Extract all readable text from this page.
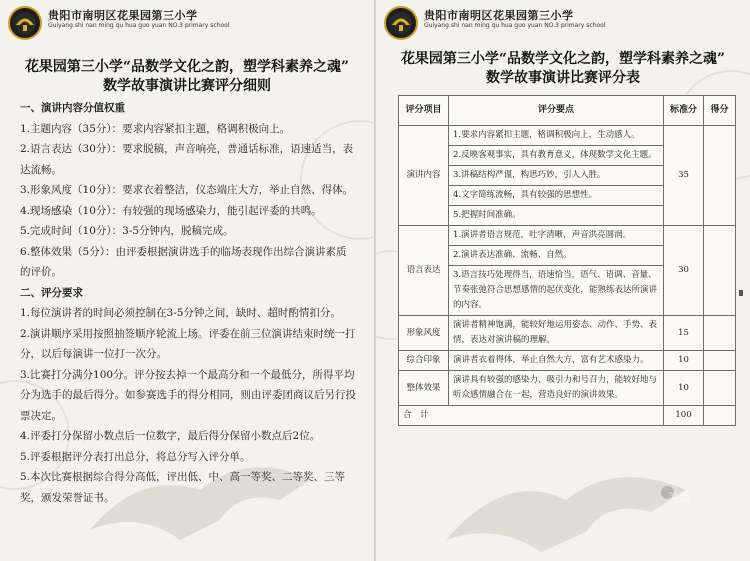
贵阳市南明区花果园第三小学
Guiyang shi nan ming qu hua guo yuan NO.3 primary school
花果园第三小学“品数学文化之韵，塑学科素养之魂”
数学故事演讲比赛评分细则

一、演讲内容分值权重

1.主题内容（35分）：要求内容紧扣主题，格调积极向上。

2.语言表达（30分）：要求脱稿，声音响亮，普通话标准，语速适当，表达流畅。

3.形象风度（10分）：要求衣着整洁，仪态端庄大方，举止自然、得体。

4.现场感染（10分）：有较强的现场感染力，能引起评委的共鸣。

5.完成时间（10分）：3-5分钟内，脱稿完成。

6.整体效果（5分）：由评委根据演讲选手的临场表现作出综合演讲素质的评价。

二、评分要求

1.每位演讲者的时间必须控制在3-5分钟之间，缺时、超时酌情扣分。

2.演讲顺序采用按照抽签顺序轮流上场。评委在前三位演讲结束时统一打分，以后每演讲一位打一次分。

3.比赛打分满分100分。评分按去掉一个最高分和一个最低分，所得平均分为选手的最后得分。如参赛选手的得分相同，则由评委团商议后另行投票决定。

4.评委打分保留小数点后一位数字，最后得分保留小数点后2位。

5.评委根据评分表打出总分，将总分写入评分单。

5.本次比赛根据综合得分高低，评出低、中、高一等奖、二等奖、三等奖，颁发荣誉证书。

贵阳市南明区花果园第三小学
Guiyang shi nan ming qu hua guo yuan NO.3 primary school
花果园第三小学“品数学文化之韵，塑学科素养之魂”
数学故事演讲比赛评分表
评分项目	评分要点	标准分	得分
演讲内容	1.要求内容紧扣主题，格调积极向上，生动感人。	35	
	2.反映客观事实，具有教育意义，体现数学文化主题。		
	3.讲稿结构严谨，构思巧妙，引人入胜。		
	4.文字简练流畅，具有较强的思想性。		
	5.把握时间准确。		
语言表达	1.演讲者语言规范，吐字清晰，声音洪亮圆润。	30	
	2.演讲表达准确、流畅、自然。		
	3.语言技巧处理得当，语速恰当，语气、语调、音量、节奏张弛符合思想感情的起伏变化，能熟练表达所演讲的内容。		
形象风度	演讲者精神饱满，能较好地运用姿态、动作、手势、表情，表达对演讲稿的理解。	15	
综合印象	演讲者衣着得体，举止自然大方，富有艺术感染力。	10	
整体效果	演讲具有较强的感染力，吸引力和号召力，能较好地与听众感情融合在一起，营造良好的演讲效果。	10	
合　计		100	
美篇
